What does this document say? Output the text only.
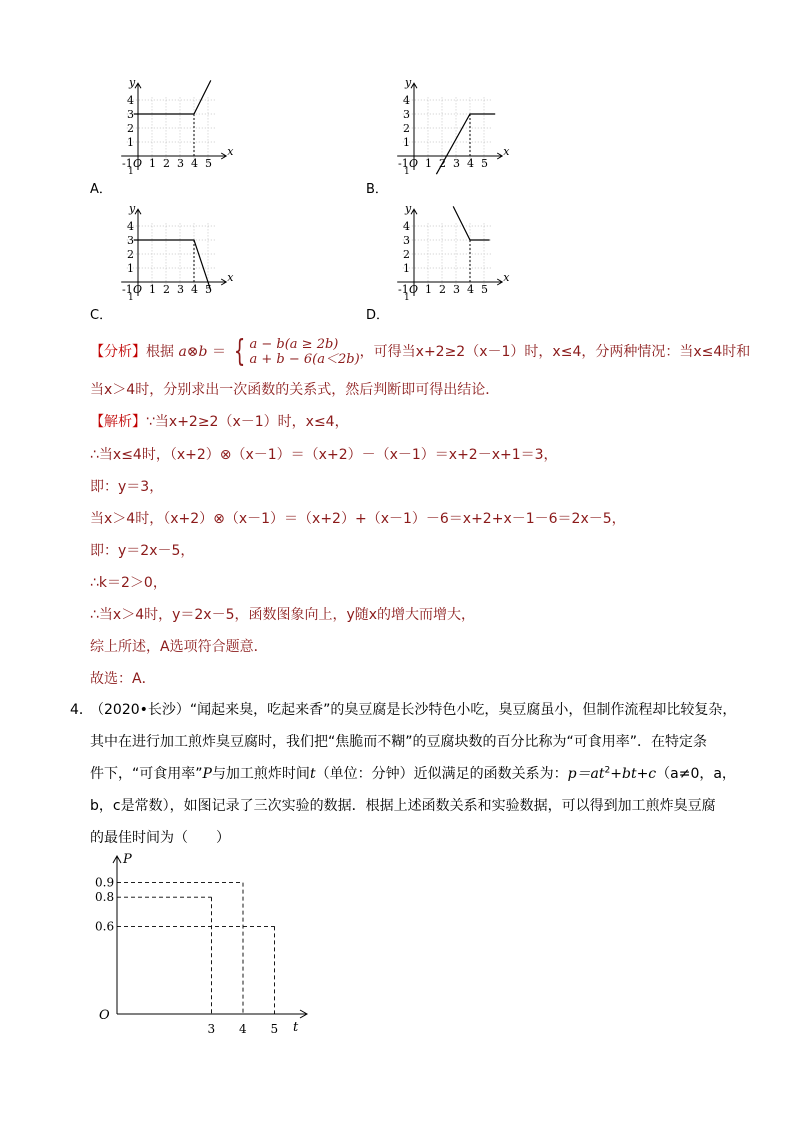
y
x
O
-1
1
1 2 3 4 5
4
3
2
1
A．
y
x
O
-1
1
1 2 3 4 5
4
3
2
1
B．
y
x
O
-1
1
1 2 3 4 5
4
3
2
1
C．
y
x
O
-1
1
1 2 3 4 5
4
3
2
1
D．
【分析】根据 a⊗b ＝ { a − b(a ≥ 2b)
a + b − 6(a＜2b)，可得当x+2≥2（x－1）时，x≤4，分两种情况：当x≤4时和
当x＞4时，分别求出一次函数的关系式，然后判断即可得出结论．
【解析】∵当x+2≥2（x－1）时，x≤4，
∴当x≤4时，（x+2）⊗（x－1）＝（x+2）－（x－1）＝x+2－x+1＝3，
即：y＝3，
当x＞4时，（x+2）⊗（x－1）＝（x+2）+（x－1）－6＝x+2+x－1－6＝2x－5，
即：y＝2x－5，
∴k＝2＞0，
∴当x＞4时，y＝2x－5，函数图象向上，y随x的增大而增大，
综上所述，A选项符合题意．
故选：A．
4．
（2020•长沙）“闻起来臭，吃起来香”的臭豆腐是长沙特色小吃，臭豆腐虽小，但制作流程却比较复杂，
其中在进行加工煎炸臭豆腐时，我们把“焦脆而不糊”的豆腐块数的百分比称为“可食用率”．在特定条
件下，“可食用率”P与加工煎炸时间t（单位：分钟）近似满足的函数关系为：$p=at^2+bt+c(a\ne 0$，a，
b，c是常数），如图记录了三次实验的数据．根据上述函数关系和实验数据，可以得到加工煎炸臭豆腐
的最佳时间为（　　）
P
t
O
3 4 5
0.9
0.8
0.6
